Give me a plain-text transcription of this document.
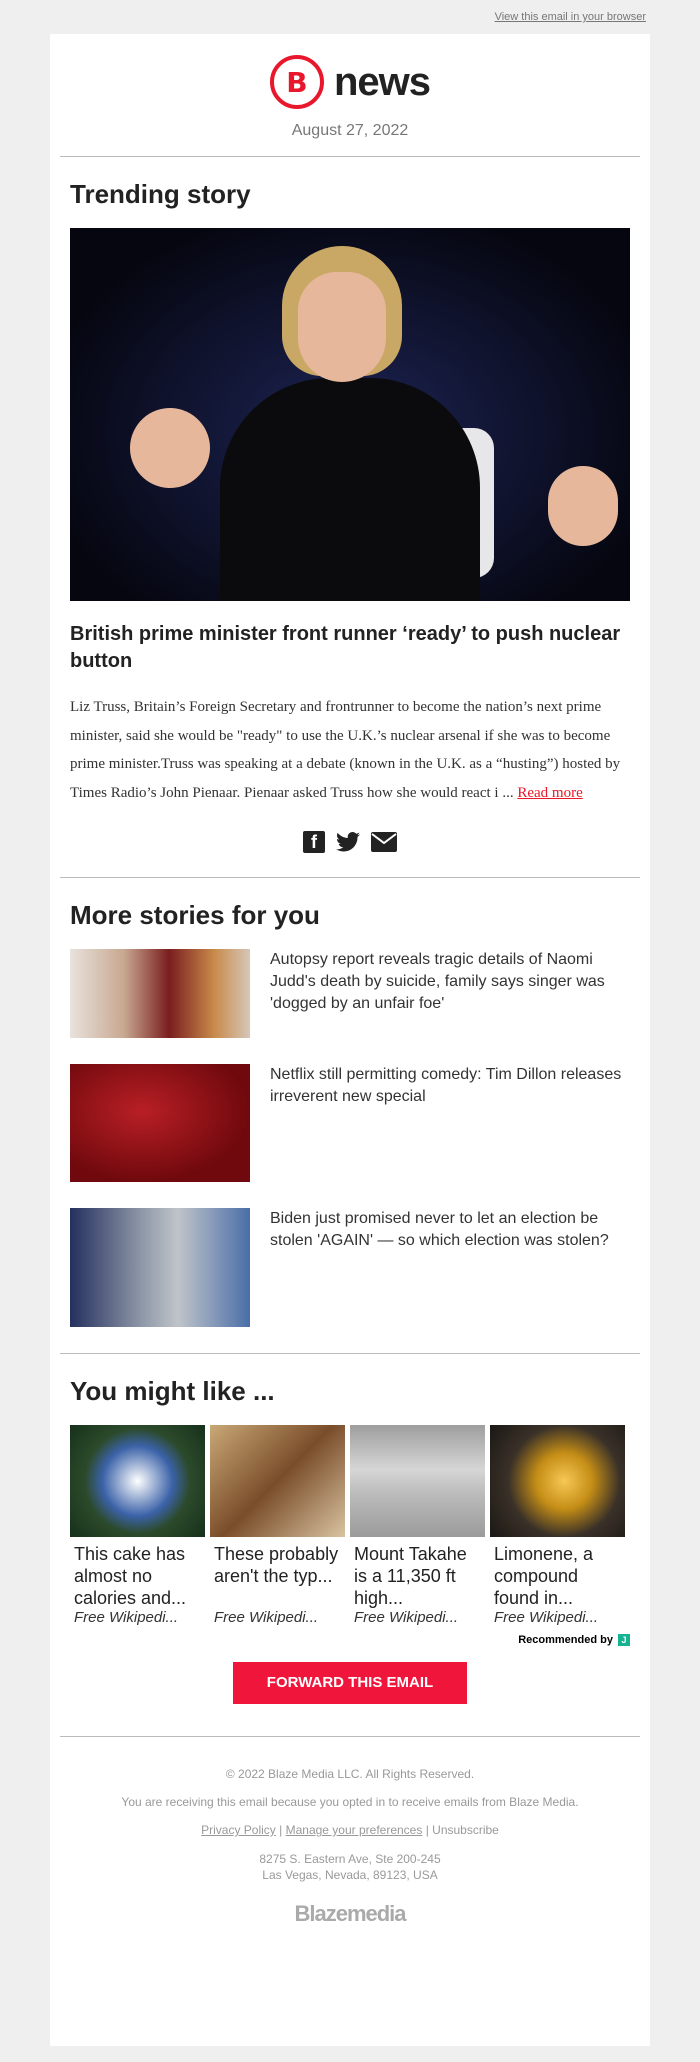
View this email in your browser
B news
August 27, 2022
Trending story
British prime minister front runner ‘ready’ to push nuclear button
Liz Truss, Britain’s Foreign Secretary and frontrunner to become the nation’s next prime minister, said she would be "ready" to use the U.K.’s nuclear arsenal if she was to become prime minister.Truss was speaking at a debate (known in the U.K. as a “husting”) hosted by Times Radio’s John Pienaar. Pienaar asked Truss how she would react i ... Read more
f
More stories for you
Autopsy report reveals tragic details of Naomi Judd's death by suicide, family says singer was 'dogged by an unfair foe'
Netflix still permitting comedy: Tim Dillon releases irreverent new special
Biden just promised never to let an election be stolen 'AGAIN' — so which election was stolen?
You might like ...
This cake has almost no calories and...
Free Wikipedi...
These probably aren't the typ...
Free Wikipedi...
Mount Takahe is a 11,350 ft high...
Free Wikipedi...
Limonene, a compound found in...
Free Wikipedi...
Recommended by J
FORWARD THIS EMAIL
© 2022 Blaze Media LLC. All Rights Reserved.
You are receiving this email because you opted in to receive emails from Blaze Media.
Privacy Policy | Manage your preferences | Unsubscribe
8275 S. Eastern Ave, Ste 200-245
Las Vegas, Nevada, 89123, USA
Blazemedia
